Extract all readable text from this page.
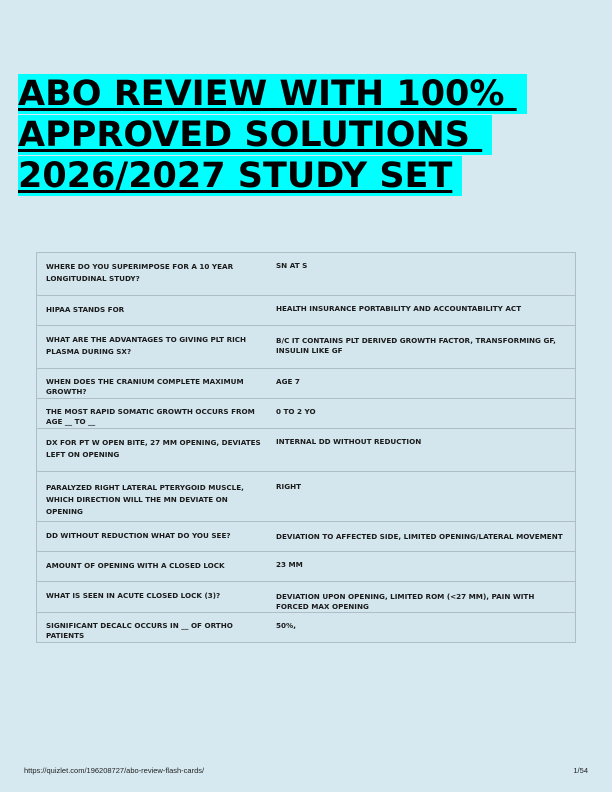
ABO REVIEW WITH 100%
APPROVED SOLUTIONS
2026/2027 STUDY SET
WHERE DO YOU SUPERIMPOSE FOR A 10 YEAR LONGITUDINAL STUDY?	SN AT S
HIPAA STANDS FOR	HEALTH INSURANCE PORTABILITY AND ACCOUNTABILITY ACT
WHAT ARE THE ADVANTAGES TO GIVING PLT RICH PLASMA DURING SX?	B/C IT CONTAINS PLT DERIVED GROWTH FACTOR, TRANSFORMING GF, INSULIN LIKE GF
WHEN DOES THE CRANIUM COMPLETE MAXIMUM GROWTH?	AGE 7
THE MOST RAPID SOMATIC GROWTH OCCURS FROM AGE __ TO __	0 TO 2 YO
DX FOR PT W OPEN BITE, 27 MM OPENING, DEVIATES LEFT ON OPENING	INTERNAL DD WITHOUT REDUCTION
PARALYZED RIGHT LATERAL PTERYGOID MUSCLE, WHICH DIRECTION WILL THE MN DEVIATE ON OPENING	RIGHT
DD WITHOUT REDUCTION WHAT DO YOU SEE?	DEVIATION TO AFFECTED SIDE, LIMITED OPENING/LATERAL MOVEMENT
AMOUNT OF OPENING WITH A CLOSED LOCK	23 MM
WHAT IS SEEN IN ACUTE CLOSED LOCK (3)?	DEVIATION UPON OPENING, LIMITED ROM (<27 MM), PAIN WITH FORCED MAX OPENING
SIGNIFICANT DECALC OCCURS IN __ OF ORTHO PATIENTS	50%,
https://quizlet.com/196208727/abo-review-flash-cards/	1/54
